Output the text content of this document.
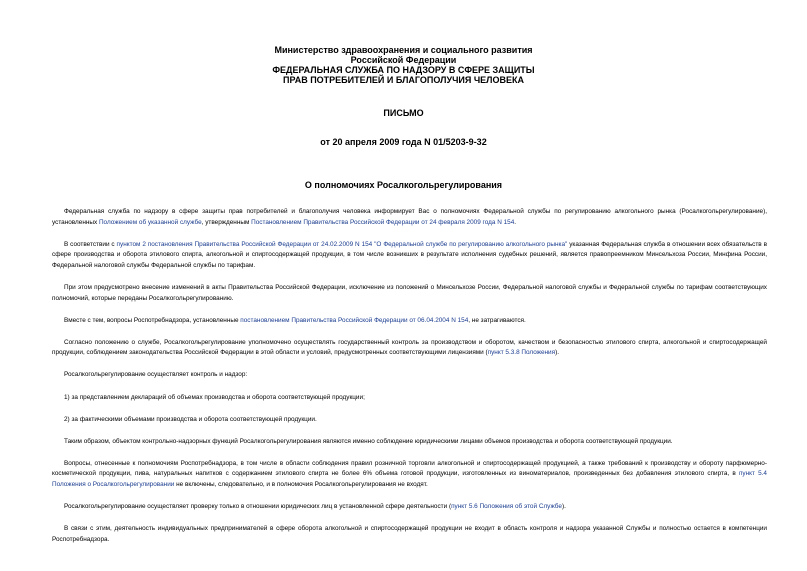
Министерство здравоохранения и социального развития
Российской Федерации
ФЕДЕРАЛЬНАЯ СЛУЖБА ПО НАДЗОРУ В СФЕРЕ ЗАЩИТЫ
ПРАВ ПОТРЕБИТЕЛЕЙ И БЛАГОПОЛУЧИЯ ЧЕЛОВЕКА
ПИСЬМО
от 20 апреля 2009 года N 01/5203-9-32
О полномочиях Росалкогольрегулирования

Федеральная служба по надзору в сфере защиты прав потребителей и благополучия человека информирует Вас о полномочиях Федеральной службы по регулированию алкогольного рынка (Росалкогольрегулирование), установленных Положением об указанной службе, утвержденным Постановлением Правительства Российской Федерации от 24 февраля 2009 года N 154.

В соответствии с пунктом 2 постановления Правительства Российской Федерации от 24.02.2009 N 154 "О Федеральной службе по регулированию алкогольного рынка" указанная Федеральная служба в отношении всех обязательств в сфере производства и оборота этилового спирта, алкогольной и спиртосодержащей продукции, в том числе возникших в результате исполнения судебных решений, является правопреемником Минсельхоза России, Минфина России, Федеральной налоговой службы Федеральной службы по тарифам.

При этом предусмотрено внесение изменений в акты Правительства Российской Федерации, исключение из положений о Минсельхозе России, Федеральной налоговой службы и Федеральной службы по тарифам соответствующих полномочий, которые переданы Росалкогольрегулированию.

Вместе с тем, вопросы Роспотребнадзора, установленные постановлением Правительства Российской Федерации от 06.04.2004 N 154, не затрагиваются.

Согласно положению о службе, Росалкогольрегулирование уполномочено осуществлять государственный контроль за производством и оборотом, качеством и безопасностью этилового спирта, алкогольной и спиртосодержащей продукции, соблюдением законодательства Российской Федерации в этой области и условий, предусмотренных соответствующими лицензиями (пункт 5.3.8 Положения).

Росалкогольрегулирование осуществляет контроль и надзор:

1) за представлением деклараций об объемах производства и оборота соответствующей продукции;

2) за фактическими объемами производства и оборота соответствующей продукции.

Таким образом, объектом контрольно-надзорных функций Росалкогольрегулирования являются именно соблюдение юридическими лицами объемов производства и оборота соответствующей продукции.

Вопросы, отнесенные к полномочиям Роспотребнадзора, в том числе в области соблюдения правил розничной торговли алкогольной и спиртосодержащей продукцией, а также требований к производству и обороту парфюмерно-косметической продукции, пива, натуральных напитков с содержанием этилового спирта не более 6% объема готовой продукции, изготовленных из виноматериалов, произведенных без добавления этилового спирта, в пункт 5.4 Положения о Росалкогольрегулировании не включены, следовательно, и в полномочия Росалкогольрегулирования не входят.

Росалкогольрегулирование осуществляет проверку только в отношении юридических лиц в установленной сфере деятельности (пункт 5.6 Положения об этой Службе).

В связи с этим, деятельность индивидуальных предпринимателей в сфере оборота алкогольной и спиртосодержащей продукции не входит в область контроля и надзора указанной Службы и полностью остается в компетенции Роспотребнадзора.
